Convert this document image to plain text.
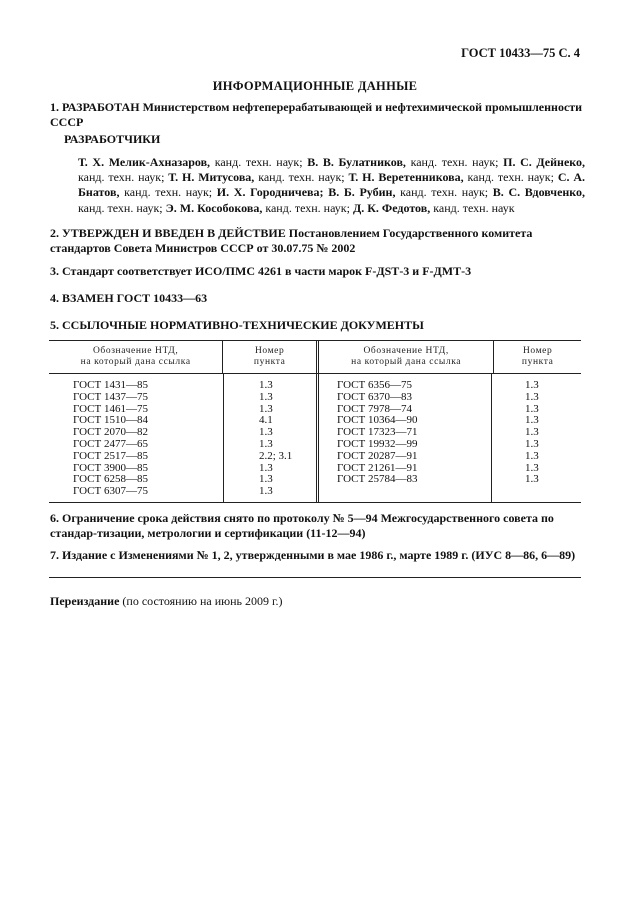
ГОСТ 10433—75 С. 4
ИНФОРМАЦИОННЫЕ ДАННЫЕ
1. РАЗРАБОТАН Министерством нефтеперерабатывающей и нефтехимической промышленности СССР
РАЗРАБОТЧИКИ
Т. Х. Мелик-Ахназаров, канд. техн. наук; В. В. Булатников, канд. техн. наук; П. С. Дейнеко, канд. техн. наук; Т. Н. Митусова, канд. техн. наук; Т. Н. Веретенникова, канд. техн. наук; С. А. Бнатов, канд. техн. наук; И. Х. Городничева; В. Б. Рубин, канд. техн. наук; В. С. Вдовченко, канд. техн. наук; Э. М. Кособокова, канд. техн. наук; Д. К. Федотов, канд. техн. наук
2. УТВЕРЖДЕН И ВВЕДЕН В ДЕЙСТВИЕ Постановлением Государственного комитета стандартов Совета Министров СССР от 30.07.75 № 2002
3. Стандарт соответствует ИСО/ПМС 4261 в части марок F-ДSТ-3 и F-ДМТ-3
4. ВЗАМЕН ГОСТ 10433—63
5. ССЫЛОЧНЫЕ НОРМАТИВНО-ТЕХНИЧЕСКИЕ ДОКУМЕНТЫ
Обозначение НТД,
на который дана ссылка
Номер
пункта
Обозначение НТД,
на который дана ссылка
Номер
пункта
ГОСТ 1431—85
ГОСТ 1437—75
ГОСТ 1461—75
ГОСТ 1510—84
ГОСТ 2070—82
ГОСТ 2477—65
ГОСТ 2517—85
ГОСТ 3900—85
ГОСТ 6258—85
ГОСТ 6307—75
1.3
1.3
1.3
4.1
1.3
1.3
2.2; 3.1
1.3
1.3
1.3
ГОСТ 6356—75
ГОСТ 6370—83
ГОСТ 7978—74
ГОСТ 10364—90
ГОСТ 17323—71
ГОСТ 19932—99
ГОСТ 20287—91
ГОСТ 21261—91
ГОСТ 25784—83
1.3
1.3
1.3
1.3
1.3
1.3
1.3
1.3
1.3
6. Ограничение срока действия снято по протоколу № 5—94 Межгосударственного совета по стандар-тизации, метрологии и сертификации (11-12—94)
7. Издание с Изменениями № 1, 2, утвержденными в мае 1986 г., марте 1989 г. (ИУС 8—86, 6—89)
Переиздание (по состоянию на июнь 2009 г.)
